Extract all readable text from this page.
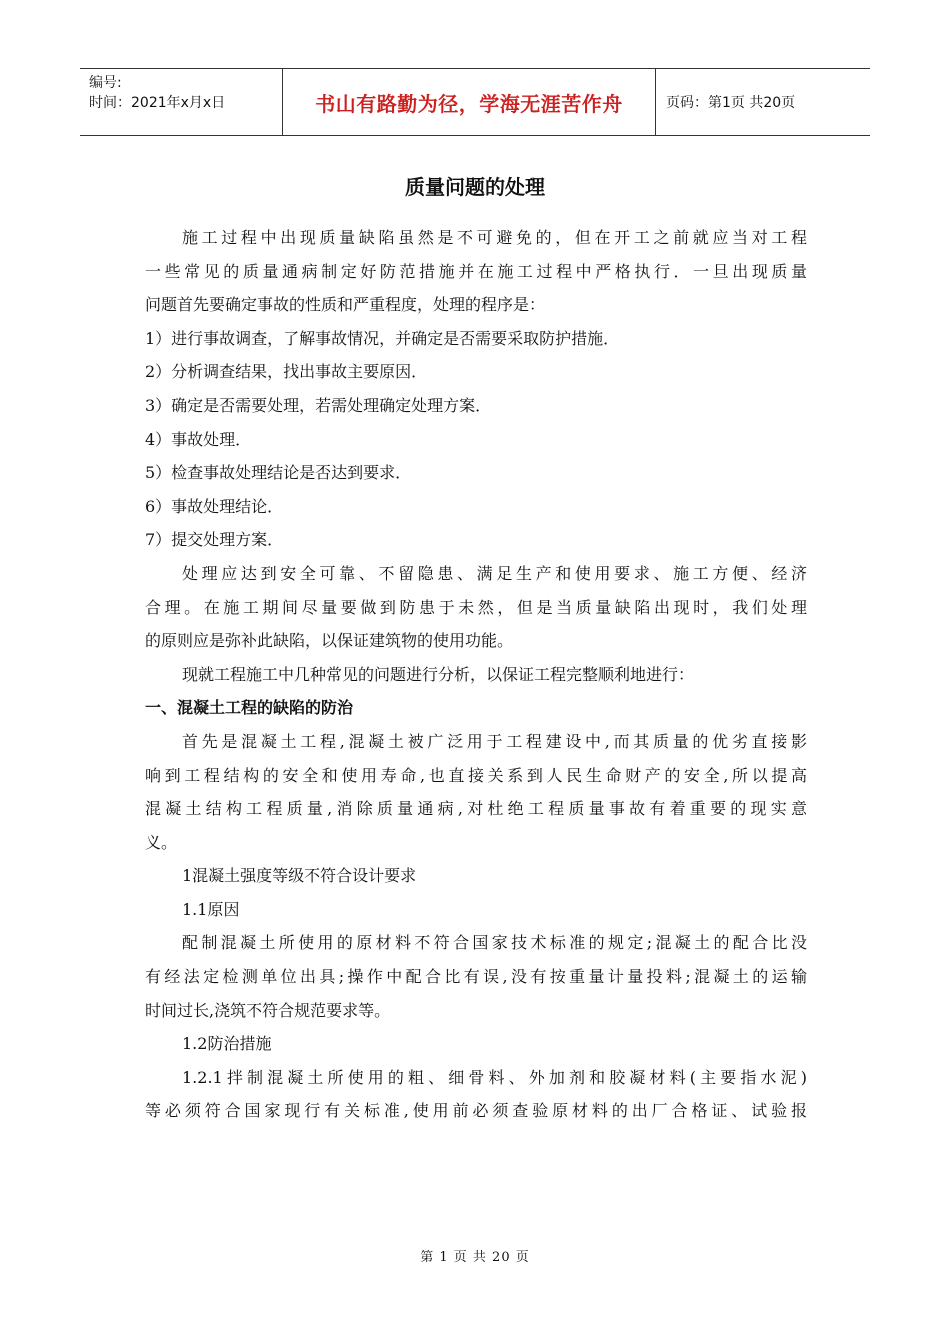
编号:
时间：2021年x月x日	书山有路勤为径，学海无涯苦作舟	页码：第1页 共20页
质量问题的处理
施工过程中出现质量缺陷虽然是不可避免的，但在开工之前就应当对工程
一些常见的质量通病制定好防范措施并在施工过程中严格执行．一旦出现质量
问题首先要确定事故的性质和严重程度，处理的程序是：
1）进行事故调查，了解事故情况，并确定是否需要采取防护措施．
2）分析调查结果，找出事故主要原因．
3）确定是否需要处理，若需处理确定处理方案．
4）事故处理．
5）检查事故处理结论是否达到要求．
6）事故处理结论．
7）提交处理方案．
处理应达到安全可靠、不留隐患、满足生产和使用要求、施工方便、经济
合理。在施工期间尽量要做到防患于未然，但是当质量缺陷出现时，我们处理
的原则应是弥补此缺陷，以保证建筑物的使用功能。
现就工程施工中几种常见的问题进行分析，以保证工程完整顺利地进行：
一、混凝土工程的缺陷的防治
首先是混凝土工程,混凝土被广泛用于工程建设中,而其质量的优劣直接影
响到工程结构的安全和使用寿命,也直接关系到人民生命财产的安全,所以提高
混凝土结构工程质量,消除质量通病,对杜绝工程质量事故有着重要的现实意
义。
1混凝土强度等级不符合设计要求
1.1原因
配制混凝土所使用的原材料不符合国家技术标准的规定;混凝土的配合比没
有经法定检测单位出具;操作中配合比有误,没有按重量计量投料;混凝土的运输
时间过长,浇筑不符合规范要求等。
1.2防治措施
1.2.1拌制混凝土所使用的粗、细骨料、外加剂和胶凝材料(主要指水泥)
等必须符合国家现行有关标准,使用前必须查验原材料的出厂合格证、试验报
第 1 页 共 20 页
